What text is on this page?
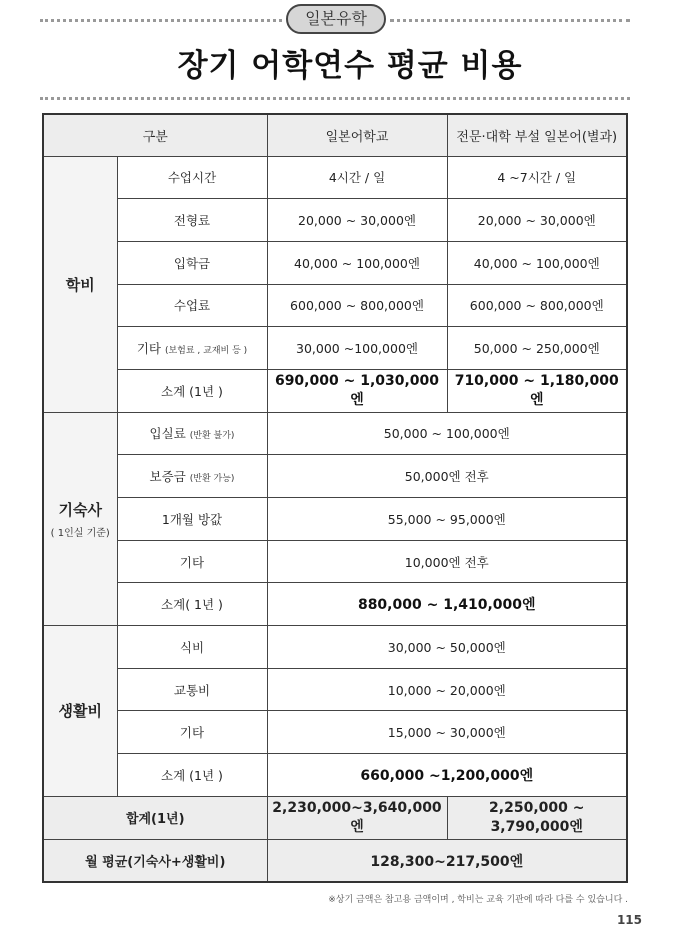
일본유학
장기 어학연수 평균 비용
구분		일본어학교	전문·대학 부설 일본어(별과)
학비	수업시간	4시간 / 일	4 ~7시간 / 일
	전형료	20,000 ~ 30,000엔	20,000 ~ 30,000엔
	입학금	40,000 ~ 100,000엔	40,000 ~ 100,000엔
	수업료	600,000 ~ 800,000엔	600,000 ~ 800,000엔
	기타 (보험료 , 교재비 등 )	30,000 ~100,000엔	50,000 ~ 250,000엔
	소계 (1년 )	690,000 ~ 1,030,000엔	710,000 ~ 1,180,000엔
기숙사
( 1인실 기준)	입실료 (반환 불가)	50,000 ~ 100,000엔	
	보증금 (반환 가능)	50,000엔 전후	
	1개월 방값	55,000 ~ 95,000엔	
	기타	10,000엔 전후	
	소계( 1년 )	880,000 ~ 1,410,000엔	
생활비	식비	30,000 ~ 50,000엔	
	교통비	10,000 ~ 20,000엔	
	기타	15,000 ~ 30,000엔	
	소계 (1년 )	660,000 ~1,200,000엔	
합계(1년)		2,230,000~3,640,000엔	2,250,000 ~ 3,790,000엔
월 평균(기숙사+생활비)		128,300~217,500엔	
※상기 금액은 참고용 금액이며 , 학비는 교육 기관에 따라 다를 수 있습니다 .
115
